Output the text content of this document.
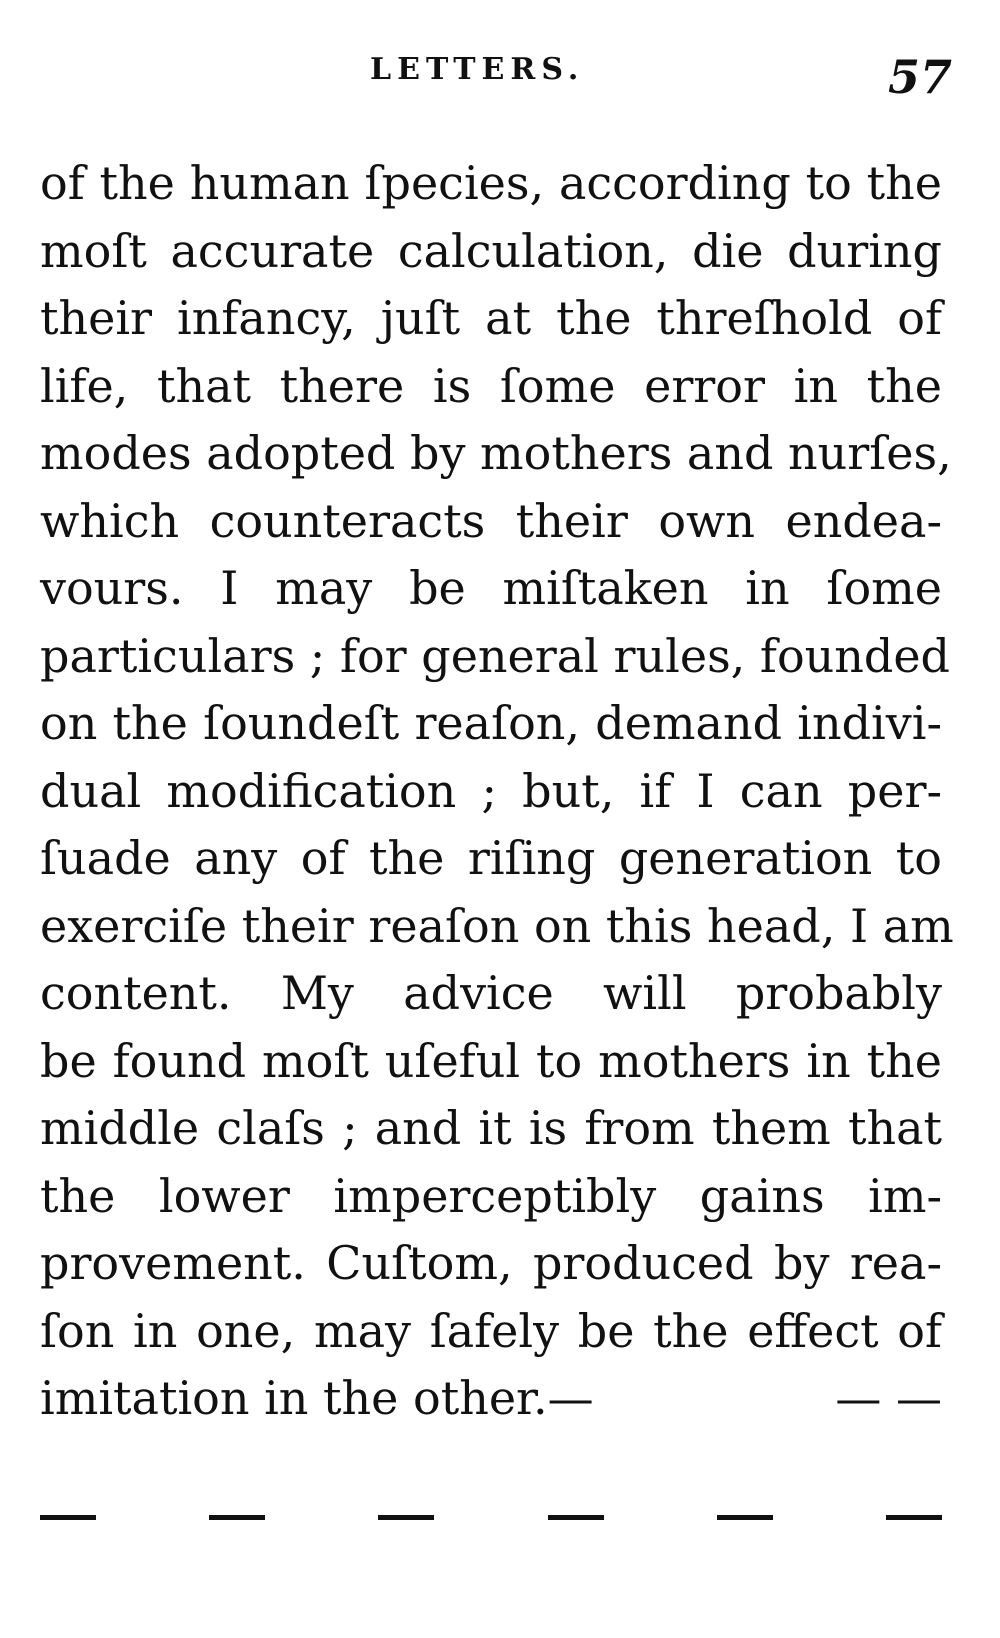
LETTERS.	57
of the human ſpecies, according to the
moſt accurate calculation, die during
their infancy, juſt at the threſhold of
life, that there is ſome error in the
modes adopted by mothers and nurſes,
which counteracts their own endea-
vours. I may be miſtaken in ſome
particulars ; for general rules, founded
on the ſoundeſt reaſon, demand indivi-
dual modification ; but, if I can per-
ſuade any of the riſing generation to
exerciſe their reaſon on this head, I am
content. My advice will probably
be found moſt uſeful to mothers in the
middle claſs ; and it is from them that
the lower imperceptibly gains im-
provement. Cuſtom, produced by rea-
ſon in one, may ſafely be the effect of
imitation in the other.—	— —
